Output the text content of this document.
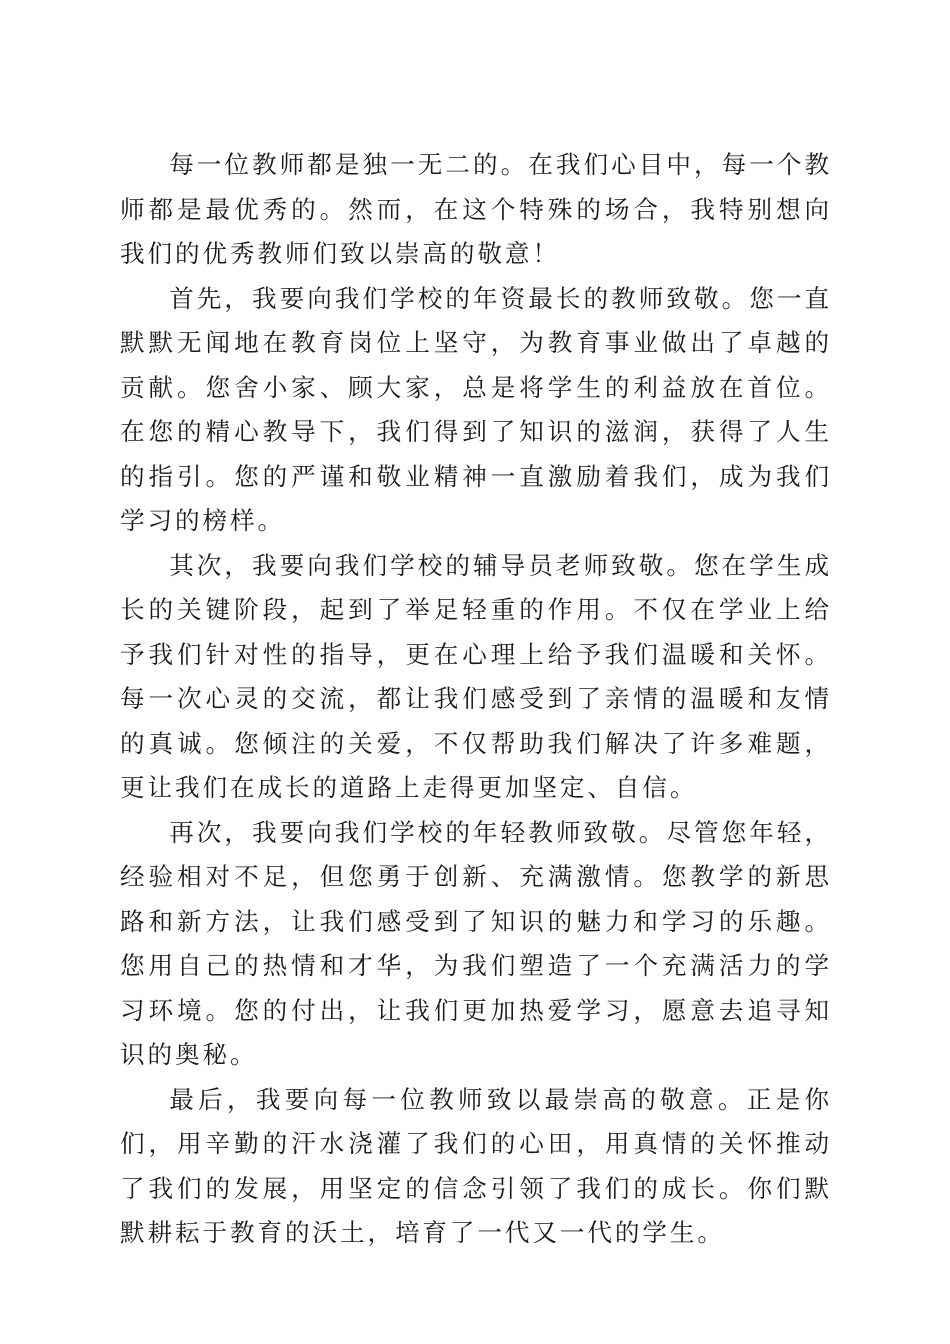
每一位教师都是独一无二的。在我们心目中，每一个教师都是最优秀的。然而，在这个特殊的场合，我特别想向我们的优秀教师们致以崇高的敬意！

首先，我要向我们学校的年资最长的教师致敬。您一直默默无闻地在教育岗位上坚守，为教育事业做出了卓越的贡献。您舍小家、顾大家，总是将学生的利益放在首位。在您的精心教导下，我们得到了知识的滋润，获得了人生的指引。您的严谨和敬业精神一直激励着我们，成为我们学习的榜样。

其次，我要向我们学校的辅导员老师致敬。您在学生成长的关键阶段，起到了举足轻重的作用。不仅在学业上给予我们针对性的指导，更在心理上给予我们温暖和关怀。每一次心灵的交流，都让我们感受到了亲情的温暖和友情的真诚。您倾注的关爱，不仅帮助我们解决了许多难题，更让我们在成长的道路上走得更加坚定、自信。

再次，我要向我们学校的年轻教师致敬。尽管您年轻，经验相对不足，但您勇于创新、充满激情。您教学的新思路和新方法，让我们感受到了知识的魅力和学习的乐趣。您用自己的热情和才华，为我们塑造了一个充满活力的学习环境。您的付出，让我们更加热爱学习，愿意去追寻知识的奥秘。

最后，我要向每一位教师致以最崇高的敬意。正是你们，用辛勤的汗水浇灌了我们的心田，用真情的关怀推动了我们的发展，用坚定的信念引领了我们的成长。你们默默耕耘于教育的沃土，培育了一代又一代的学生。
